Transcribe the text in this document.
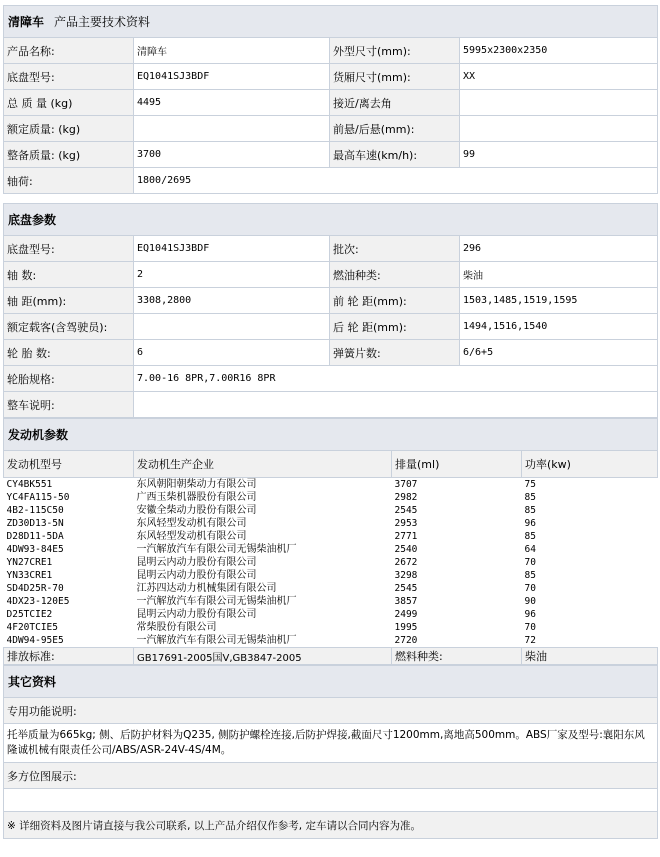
清障车 产品主要技术资料			
产品名称:	清障车	外型尺寸(mm):	5995x2300x2350
底盘型号:	EQ1041SJ3BDF	货厢尺寸(mm):	XX
总 质 量 (kg)	4495	接近/离去角	
额定质量: (kg)		前悬/后悬(mm):	
整备质量: (kg)	3700	最高车速(km/h):	99
轴荷:	1800/2695		
底盘参数			
底盘型号:	EQ1041SJ3BDF	批次:	296
轴 数:	2	燃油种类:	柴油
轴 距(mm):	3308,2800	前 轮 距(mm):	1503,1485,1519,1595
额定载客(含驾驶员):		后 轮 距(mm):	1494,1516,1540
轮 胎 数:	6	弹簧片数:	6/6+5
轮胎规格:	7.00-16 8PR,7.00R16 8PR		
整车说明:			
发动机参数
发动机型号	发动机生产企业	排量(ml)	功率(kw)
CY4BK551	东风朝阳朝柴动力有限公司	3707	75
YC4FA115-50	广西玉柴机器股份有限公司	2982	85
4B2-115C50	安徽全柴动力股份有限公司	2545	85
ZD30D13-5N	东风轻型发动机有限公司	2953	96
D28D11-5DA	东风轻型发动机有限公司	2771	85
4DW93-84E5	一汽解放汽车有限公司无锡柴油机厂	2540	64
YN27CRE1	昆明云内动力股份有限公司	2672	70
YN33CRE1	昆明云内动力股份有限公司	3298	85
SD4D25R-70	江苏四达动力机械集团有限公司	2545	70
4DX23-120E5	一汽解放汽车有限公司无锡柴油机厂	3857	90
D25TCIE2	昆明云内动力股份有限公司	2499	96
4F20TCIE5	常柴股份有限公司	1995	70
4DW94-95E5	一汽解放汽车有限公司无锡柴油机厂	2720	72
排放标准:	GB17691-2005国V,GB3847-2005	燃料种类:	柴油
其它资料
专用功能说明:
托举质量为665kg; 侧、后防护材料为Q235, 侧防护螺栓连接,后防护焊接,截面尺寸1200mm,离地高500mm。ABS厂家及型号:襄阳东风隆诚机械有限责任公司/ABS/ASR-24V-4S/4M。
多方位图展示:

※ 详细资料及图片请直接与我公司联系, 以上产品介绍仅作参考, 定车请以合同内容为准。
